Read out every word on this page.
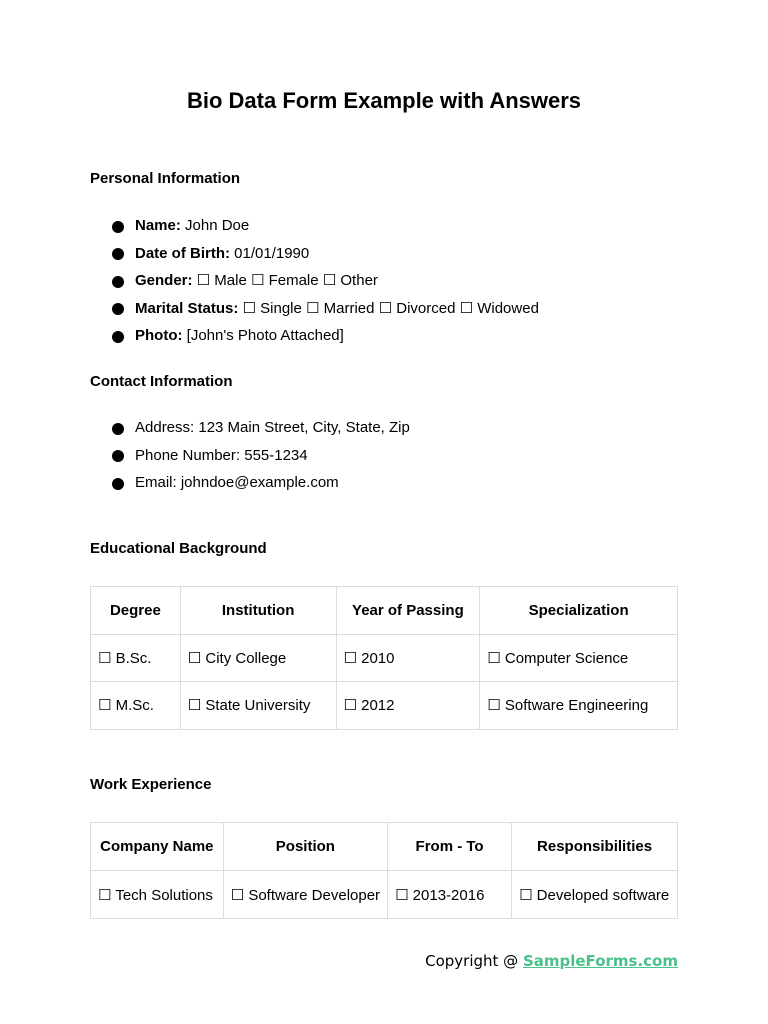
Bio Data Form Example with Answers
Personal Information
Name: John Doe
Date of Birth: 01/01/1990
Gender: ☐ Male ☐ Female ☐ Other
Marital Status: ☐ Single ☐ Married ☐ Divorced ☐ Widowed
Photo: [John's Photo Attached]
Contact Information
Address: 123 Main Street, City, State, Zip
Phone Number: 555-1234
Email: johndoe@example.com
Educational Background
Degree	Institution	Year of Passing	Specialization
☐ B.Sc.	☐ City College	☐ 2010	☐ Computer Science
☐ M.Sc.	☐ State University	☐ 2012	☐ Software Engineering
Work Experience
Company Name	Position	From - To	Responsibilities
☐ Tech Solutions	☐ Software Developer	☐ 2013-2016	☐ Developed software
Copyright @ SampleForms.com
